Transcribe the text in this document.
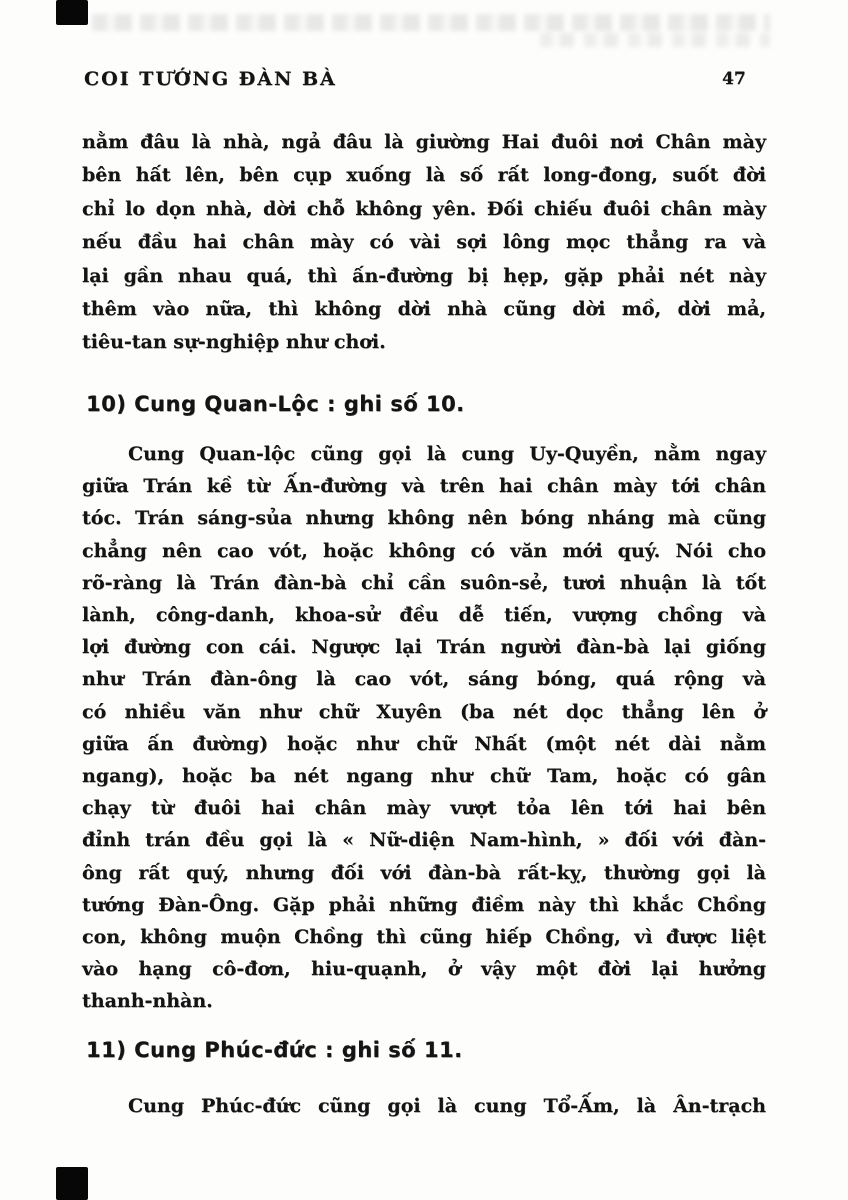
COI TƯỚNG ĐÀN BÀ	47
nằm đâu là nhà, ngả đâu là giường Hai đuôi nơi Chân mày
bên hất lên, bên cụp xuống là số rất long-đong, suốt đời
chỉ lo dọn nhà, dời chỗ không yên. Đối chiếu đuôi chân mày
nếu đầu hai chân mày có vài sợi lông mọc thẳng ra và
lại gần nhau quá, thì ấn-đường bị hẹp, gặp phải nét này
thêm vào nữa, thì không dời nhà cũng dời mồ, dời mả,
tiêu-tan sự-nghiệp như chơi.
10) Cung Quan-Lộc : ghi số 10.
Cung Quan-lộc cũng gọi là cung Uy-Quyền, nằm ngay
giữa Trán kề từ Ấn-đường và trên hai chân mày tới chân
tóc. Trán sáng-sủa nhưng không nên bóng nháng mà cũng
chẳng nên cao vót, hoặc không có văn mới quý. Nói cho
rõ-ràng là Trán đàn-bà chỉ cần suôn-sẻ, tươi nhuận là tốt
lành, công-danh, khoa-sử đều dễ tiến, vượng chồng và
lợi đường con cái. Ngược lại Trán người đàn-bà lại giống
như Trán đàn-ông là cao vót, sáng bóng, quá rộng và
có nhiều văn như chữ Xuyên (ba nét dọc thẳng lên ở
giữa ấn đường) hoặc như chữ Nhất (một nét dài nằm
ngang), hoặc ba nét ngang như chữ Tam, hoặc có gân
chạy từ đuôi hai chân mày vượt tỏa lên tới hai bên
đỉnh trán đều gọi là « Nữ-diện Nam-hình, » đối với đàn-
ông rất quý, nhưng đối với đàn-bà rất-kỵ, thường gọi là
tướng Đàn-Ông. Gặp phải những điềm này thì khắc Chồng
con, không muộn Chồng thì cũng hiếp Chồng, vì được liệt
vào hạng cô-đơn, hiu-quạnh, ở vậy một đời lại hưởng
thanh-nhàn.
11) Cung Phúc-đức : ghi số 11.
Cung Phúc-đức cũng gọi là cung Tổ-Ấm, là Ân-trạch
